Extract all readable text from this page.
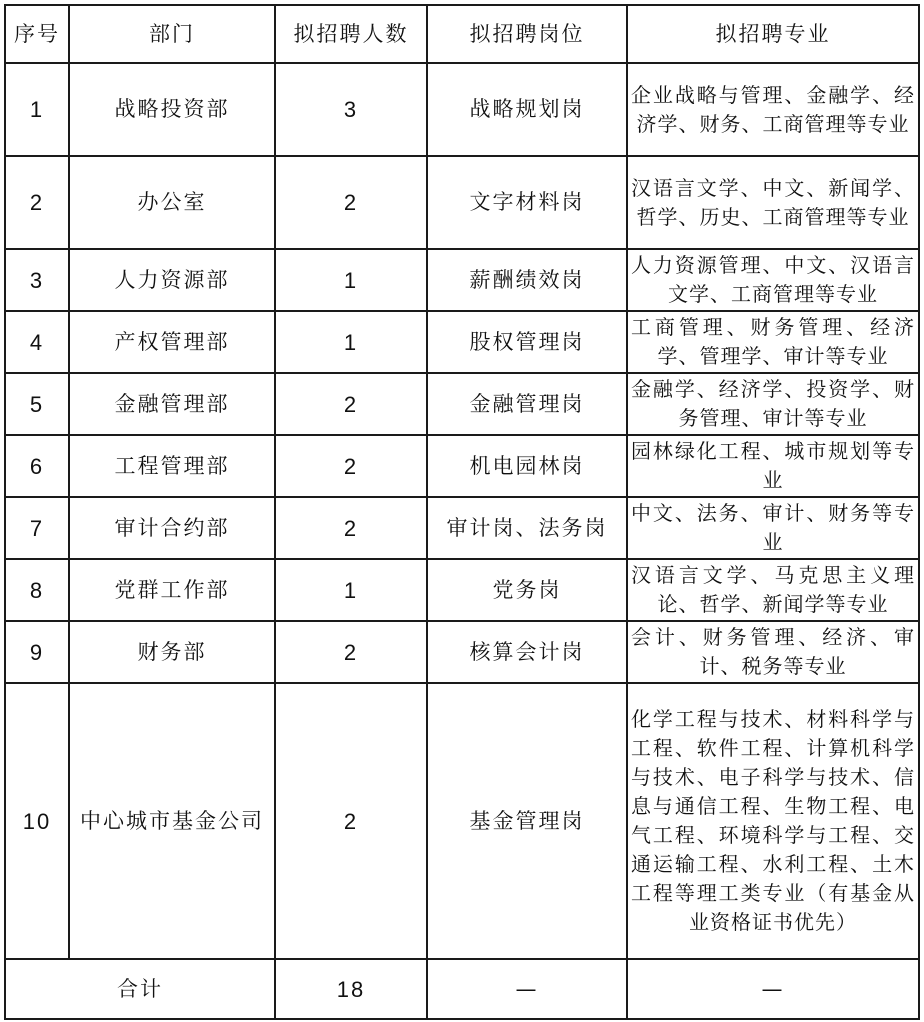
序号	部门	拟招聘人数	拟招聘岗位	拟招聘专业
1	战略投资部	3	战略规划岗	企业战略与管理、金融学、经济学、财务、工商管理等专业
2	办公室	2	文字材料岗	汉语言文学、中文、新闻学、哲学、历史、工商管理等专业
3	人力资源部	1	薪酬绩效岗	人力资源管理、中文、汉语言文学、工商管理等专业
4	产权管理部	1	股权管理岗	工商管理、财务管理、经济学、管理学、审计等专业
5	金融管理部	2	金融管理岗	金融学、经济学、投资学、财务管理、审计等专业
6	工程管理部	2	机电园林岗	园林绿化工程、城市规划等专业
7	审计合约部	2	审计岗、法务岗	中文、法务、审计、财务等专业
8	党群工作部	1	党务岗	汉语言文学、马克思主义理论、哲学、新闻学等专业
9	财务部	2	核算会计岗	会计、财务管理、经济、审计、税务等专业
10	中心城市基金公司	2	基金管理岗	化学工程与技术、材料科学与工程、软件工程、计算机科学与技术、电子科学与技术、信息与通信工程、生物工程、电气工程、环境科学与工程、交通运输工程、水利工程、土木工程等理工类专业（有基金从业资格证书优先）
合计		18	—	—
